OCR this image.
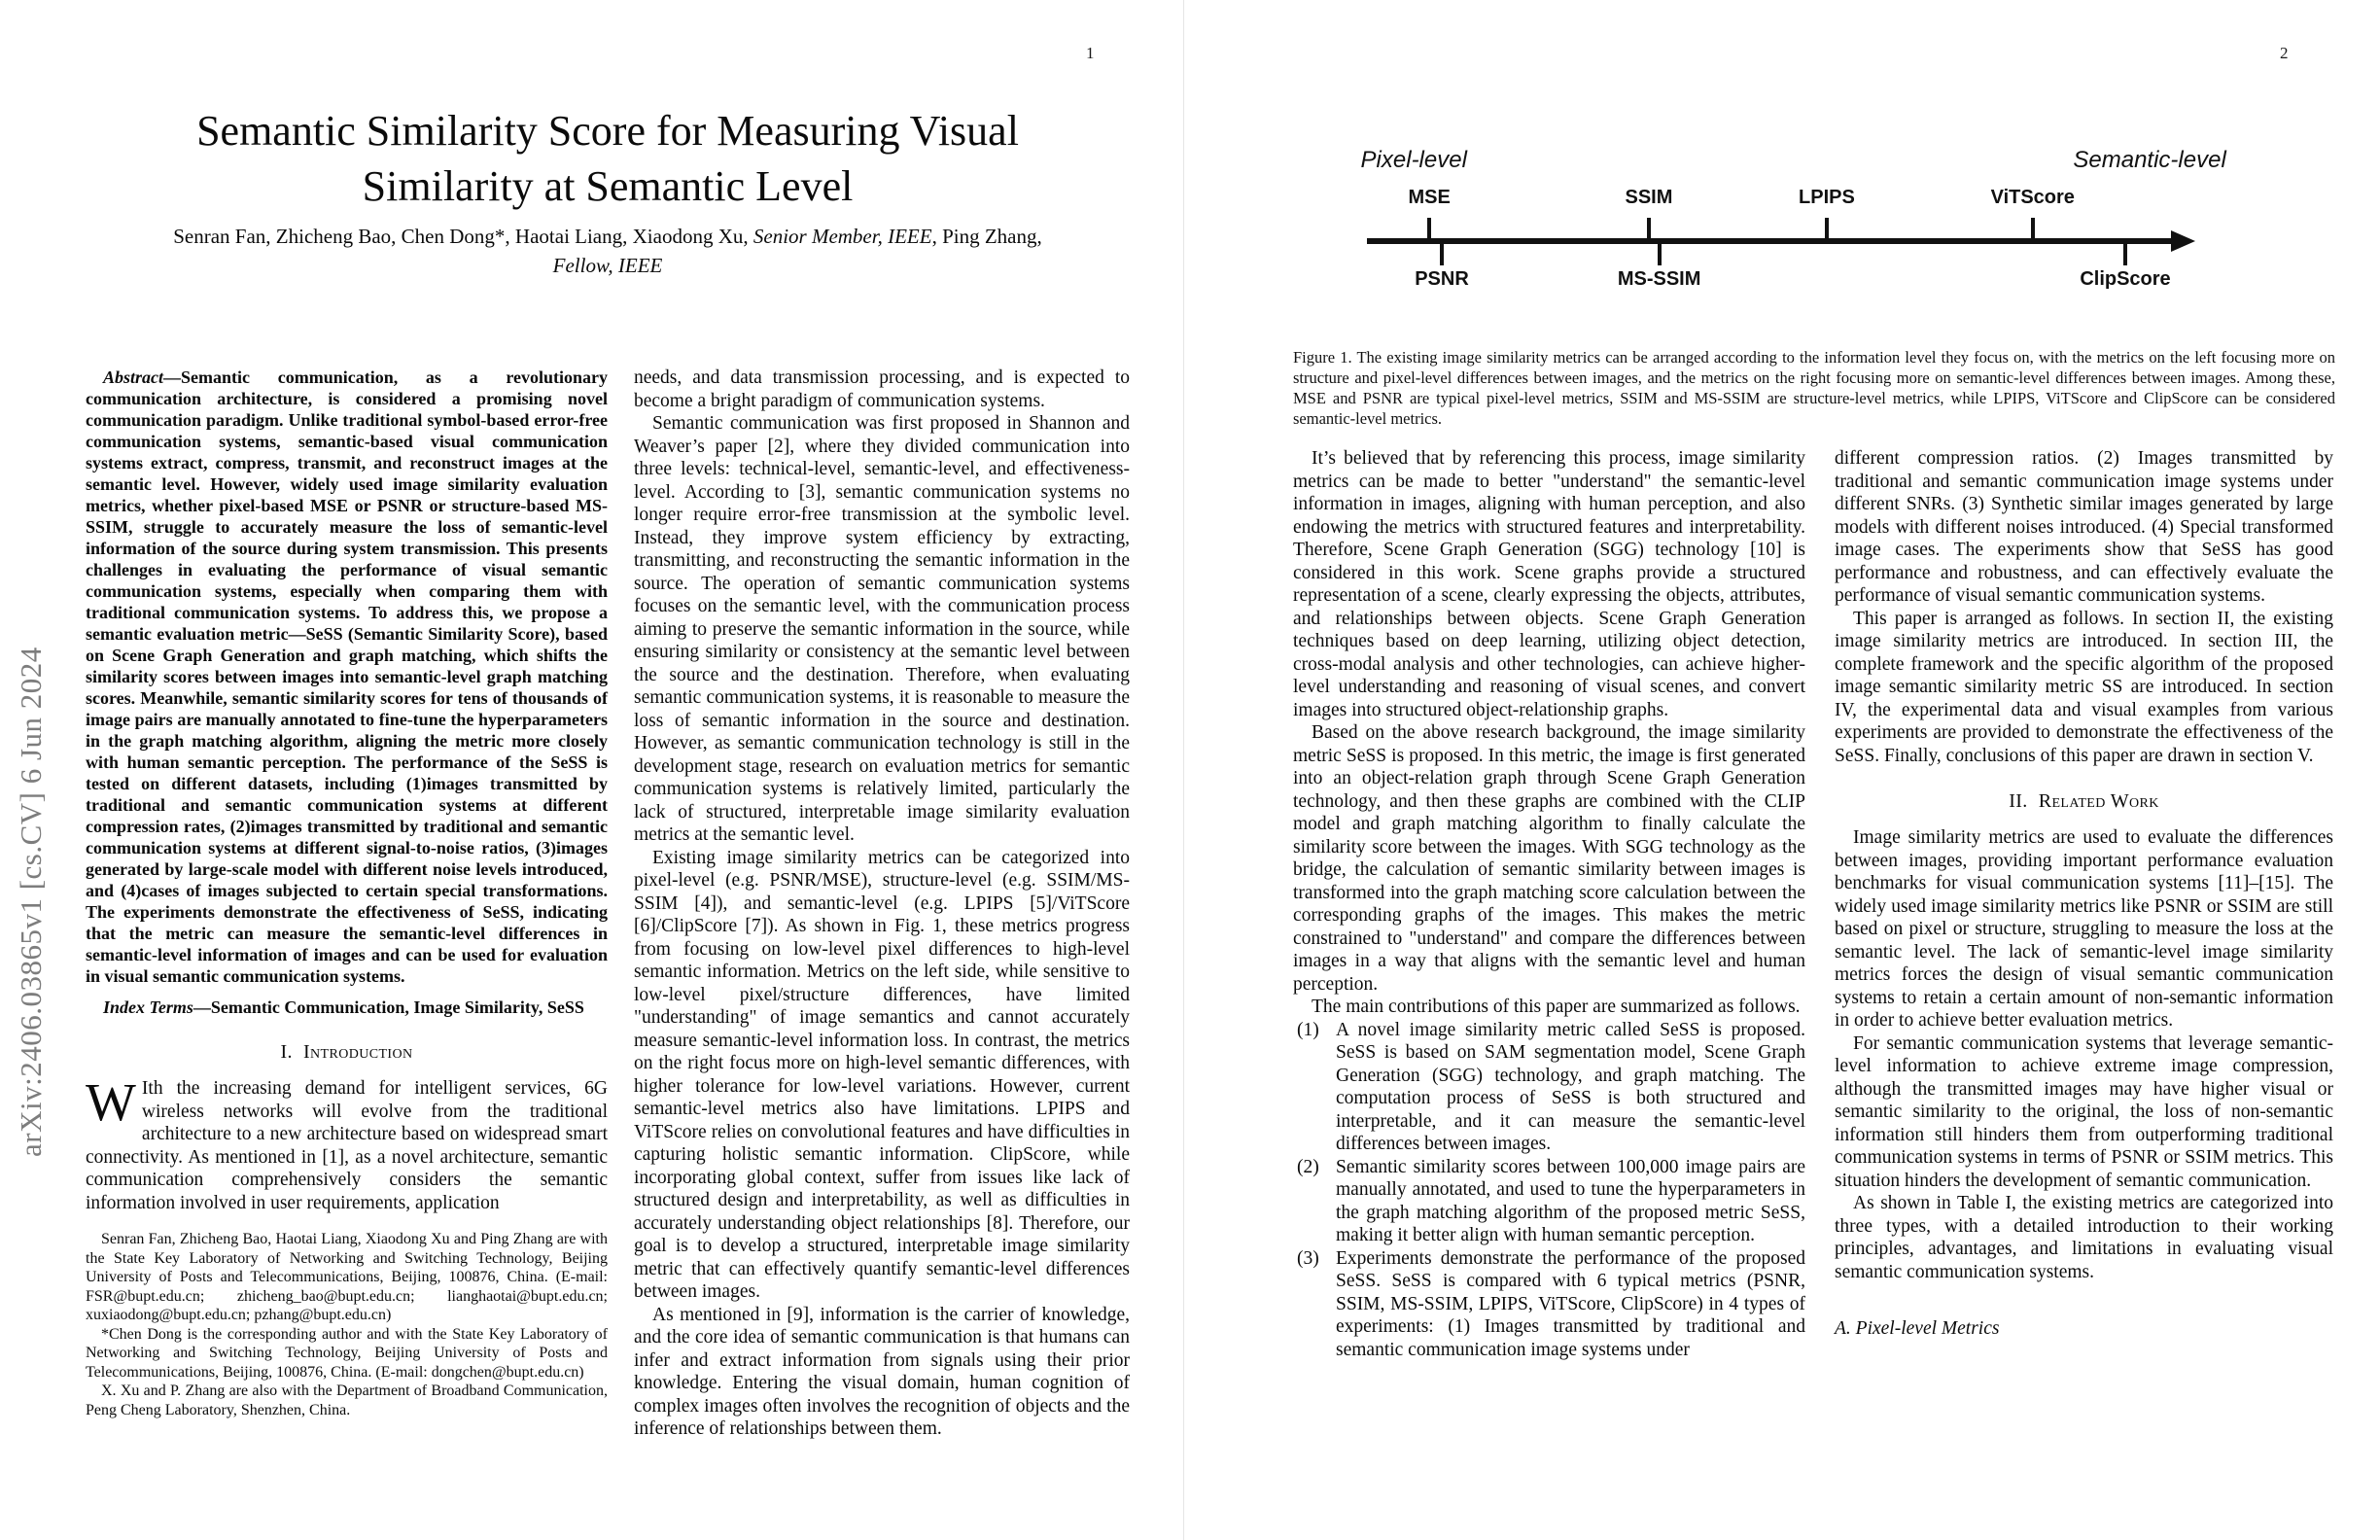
arXiv:2406.03865v1 [cs.CV] 6 Jun 2024
1	2
Semantic Similarity Score for Measuring Visual
Similarity at Semantic Level
Senran Fan, Zhicheng Bao, Chen Dong*, Haotai Liang, Xiaodong Xu, Senior Member, IEEE, Ping Zhang,
Fellow, IEEE

Abstract—Semantic communication, as a revolutionary communication architecture, is considered a promising novel communication paradigm. Unlike traditional symbol-based error-free communication systems, semantic-based visual communication systems extract, compress, transmit, and reconstruct images at the semantic level. However, widely used image similarity evaluation metrics, whether pixel-based MSE or PSNR or structure-based MS-SSIM, struggle to accurately measure the loss of semantic-level information of the source during system transmission. This presents challenges in evaluating the performance of visual semantic communication systems, especially when comparing them with traditional communication systems. To address this, we propose a semantic evaluation metric—SeSS (Semantic Similarity Score), based on Scene Graph Generation and graph matching, which shifts the similarity scores between images into semantic-level graph matching scores. Meanwhile, semantic similarity scores for tens of thousands of image pairs are manually annotated to fine-tune the hyperparameters in the graph matching algorithm, aligning the metric more closely with human semantic perception. The performance of the SeSS is tested on different datasets, including (1)images transmitted by traditional and semantic communication systems at different compression rates, (2)images transmitted by traditional and semantic communication systems at different signal-to-noise ratios, (3)images generated by large-scale model with different noise levels introduced, and (4)cases of images subjected to certain special transformations. The experiments demonstrate the effectiveness of SeSS, indicating that the metric can measure the semantic-level differences in semantic-level information of images and can be used for evaluation in visual semantic communication systems.

Index Terms—Semantic Communication, Image Similarity, SeSS

I. Introduction

W Ith the increasing demand for intelligent services, 6G wireless networks will evolve from the traditional architecture to a new architecture based on widespread smart connectivity. As mentioned in [1], as a novel architecture, semantic communication comprehensively considers the semantic information involved in user requirements, application

Senran Fan, Zhicheng Bao, Haotai Liang, Xiaodong Xu and Ping Zhang are with the State Key Laboratory of Networking and Switching Technology, Beijing University of Posts and Telecommunications, Beijing, 100876, China. (E-mail: FSR@bupt.edu.cn; zhicheng_bao@bupt.edu.cn; lianghaotai@bupt.edu.cn; xuxiaodong@bupt.edu.cn; pzhang@bupt.edu.cn)

*Chen Dong is the corresponding author and with the State Key Laboratory of Networking and Switching Technology, Beijing University of Posts and Telecommunications, Beijing, 100876, China. (E-mail: dongchen@bupt.edu.cn)

X. Xu and P. Zhang are also with the Department of Broadband Communication, Peng Cheng Laboratory, Shenzhen, China.

needs, and data transmission processing, and is expected to become a bright paradigm of communication systems.

Semantic communication was first proposed in Shannon and Weaver’s paper [2], where they divided communication into three levels: technical-level, semantic-level, and effectiveness-level. According to [3], semantic communication systems no longer require error-free transmission at the symbolic level. Instead, they improve system efficiency by extracting, transmitting, and reconstructing the semantic information in the source. The operation of semantic communication systems focuses on the semantic level, with the communication process aiming to preserve the semantic information in the source, while ensuring similarity or consistency at the semantic level between the source and the destination. Therefore, when evaluating semantic communication systems, it is reasonable to measure the loss of semantic information in the source and destination. However, as semantic communication technology is still in the development stage, research on evaluation metrics for semantic communication systems is relatively limited, particularly the lack of structured, interpretable image similarity evaluation metrics at the semantic level.

Existing image similarity metrics can be categorized into pixel-level (e.g. PSNR/MSE), structure-level (e.g. SSIM/MS-SSIM [4]), and semantic-level (e.g. LPIPS [5]/ViTScore [6]/ClipScore [7]). As shown in Fig. 1, these metrics progress from focusing on low-level pixel differences to high-level semantic information. Metrics on the left side, while sensitive to low-level pixel/structure differences, have limited "understanding" of image semantics and cannot accurately measure semantic-level information loss. In contrast, the metrics on the right focus more on high-level semantic differences, with higher tolerance for low-level variations. However, current semantic-level metrics also have limitations. LPIPS and ViTScore relies on convolutional features and have difficulties in capturing holistic semantic information. ClipScore, while incorporating global context, suffer from issues like lack of structured design and interpretability, as well as difficulties in accurately understanding object relationships [8]. Therefore, our goal is to develop a structured, interpretable image similarity metric that can effectively quantify semantic-level differences between images.

As mentioned in [9], information is the carrier of knowledge, and the core idea of semantic communication is that humans can infer and extract information from signals using their prior knowledge. Entering the visual domain, human cognition of complex images often involves the recognition of objects and the inference of relationships between them.

Pixel-level	Semantic-level
MSE	SSIM	LPIPS	ViTScore
PSNR	MS-SSIM	ClipScore
Figure 1. The existing image similarity metrics can be arranged according to the information level they focus on, with the metrics on the left focusing more on structure and pixel-level differences between images, and the metrics on the right focusing more on semantic-level differences between images. Among these, MSE and PSNR are typical pixel-level metrics, SSIM and MS-SSIM are structure-level metrics, while LPIPS, ViTScore and ClipScore can be considered semantic-level metrics.

It’s believed that by referencing this process, image similarity metrics can be made to better "understand" the semantic-level information in images, aligning with human perception, and also endowing the metrics with structured features and interpretability. Therefore, Scene Graph Generation (SGG) technology [10] is considered in this work. Scene graphs provide a structured representation of a scene, clearly expressing the objects, attributes, and relationships between objects. Scene Graph Generation techniques based on deep learning, utilizing object detection, cross-modal analysis and other technologies, can achieve higher-level understanding and reasoning of visual scenes, and convert images into structured object-relationship graphs.

Based on the above research background, the image similarity metric SeSS is proposed. In this metric, the image is first generated into an object-relation graph through Scene Graph Generation technology, and then these graphs are combined with the CLIP model and graph matching algorithm to finally calculate the similarity score between the images. With SGG technology as the bridge, the calculation of semantic similarity between images is transformed into the graph matching score calculation between the corresponding graphs of the images. This makes the metric constrained to "understand" and compare the differences between images in a way that aligns with the semantic level and human perception.

The main contributions of this paper are summarized as follows.

(1) A novel image similarity metric called SeSS is proposed. SeSS is based on SAM segmentation model, Scene Graph Generation (SGG) technology, and graph matching. The computation process of SeSS is both structured and interpretable, and it can measure the semantic-level differences between images.
(2) Semantic similarity scores between 100,000 image pairs are manually annotated, and used to tune the hyperparameters in the graph matching algorithm of the proposed metric SeSS, making it better align with human semantic perception.
(3) Experiments demonstrate the performance of the proposed SeSS. SeSS is compared with 6 typical metrics (PSNR, SSIM, MS-SSIM, LPIPS, ViTScore, ClipScore) in 4 types of experiments: (1) Images transmitted by traditional and semantic communication image systems under

different compression ratios. (2) Images transmitted by traditional and semantic communication image systems under different SNRs. (3) Synthetic similar images generated by large models with different noises introduced. (4) Special transformed image cases. The experiments show that SeSS has good performance and robustness, and can effectively evaluate the performance of visual semantic communication systems.

This paper is arranged as follows. In section II, the existing image similarity metrics are introduced. In section III, the complete framework and the specific algorithm of the proposed image semantic similarity metric SS are introduced. In section IV, the experimental data and visual examples from various experiments are provided to demonstrate the effectiveness of the SeSS. Finally, conclusions of this paper are drawn in section V.

II. Related Work

Image similarity metrics are used to evaluate the differences between images, providing important performance evaluation benchmarks for visual communication systems [11]–[15]. The widely used image similarity metrics like PSNR or SSIM are still based on pixel or structure, struggling to measure the loss at the semantic level. The lack of semantic-level image similarity metrics forces the design of visual semantic communication systems to retain a certain amount of non-semantic information in order to achieve better evaluation metrics.

For semantic communication systems that leverage semantic-level information to achieve extreme image compression, although the transmitted images may have higher visual or semantic similarity to the original, the loss of non-semantic information still hinders them from outperforming traditional communication systems in terms of PSNR or SSIM metrics. This situation hinders the development of semantic communication.

As shown in Table I, the existing metrics are categorized into three types, with a detailed introduction to their working principles, advantages, and limitations in evaluating visual semantic communication systems.

A. Pixel-level Metrics
